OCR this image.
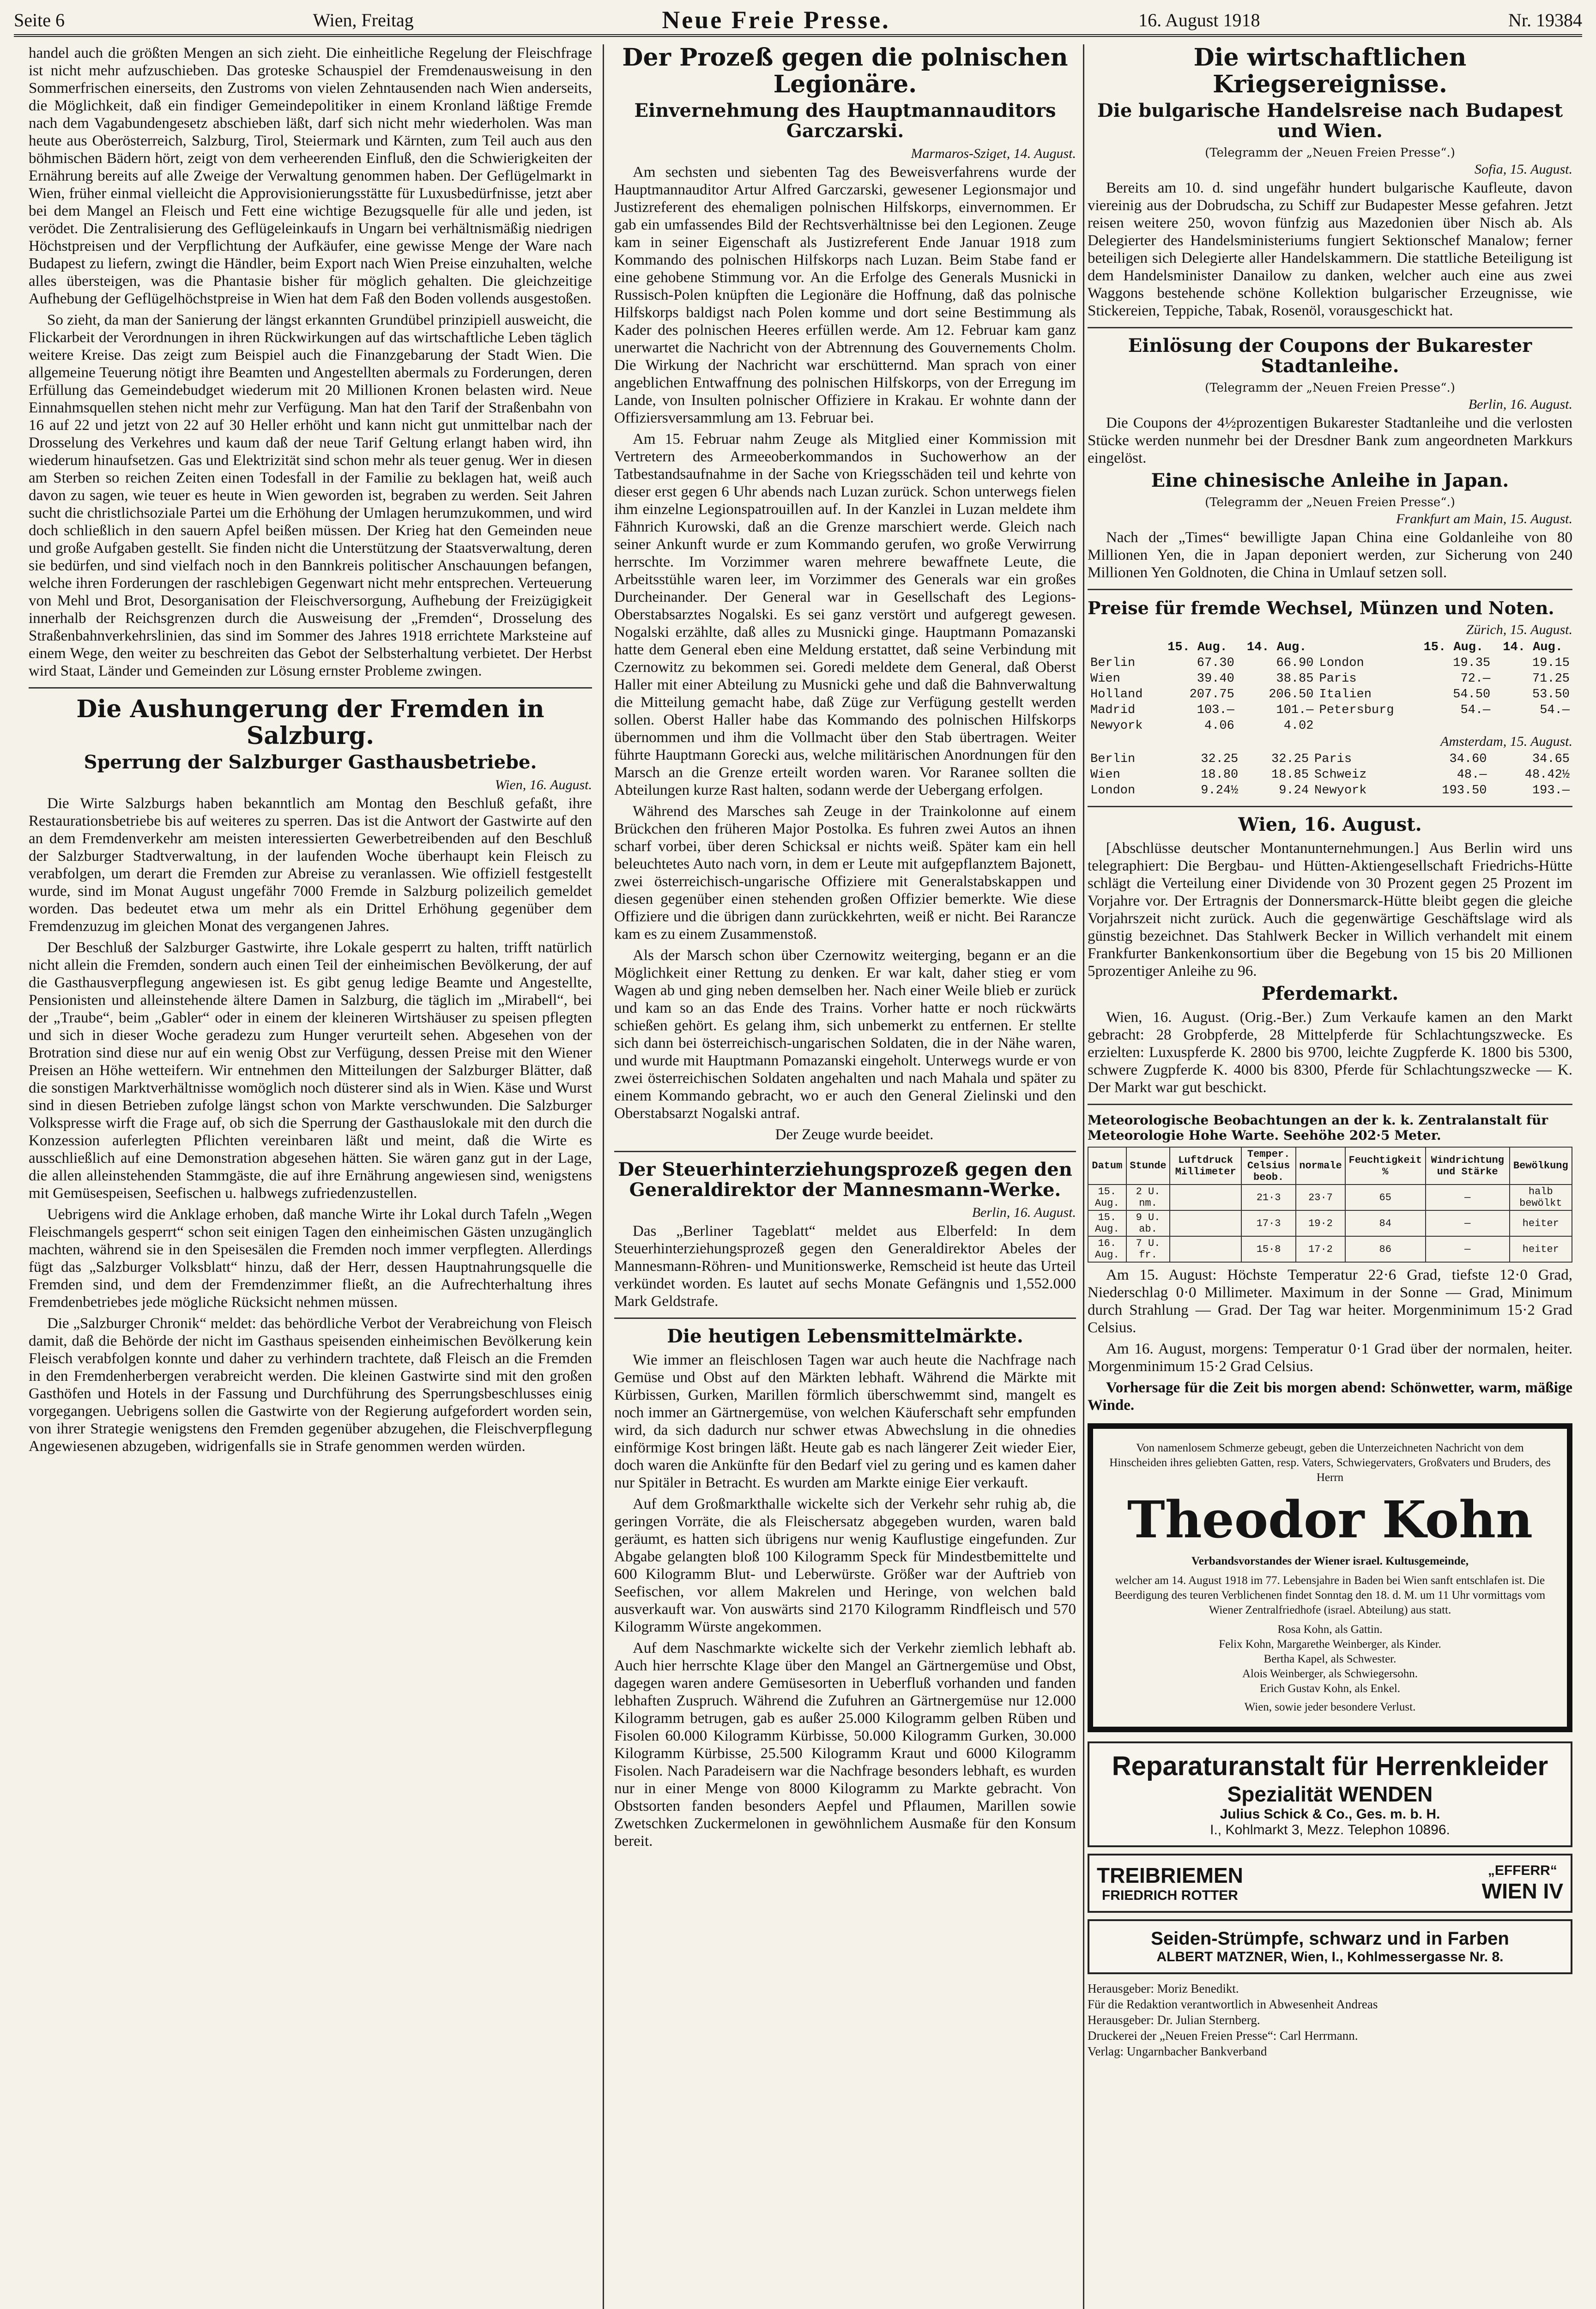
Seite 6	Wien, Freitag	Neue Freie Presse.	16. August 1918	Nr. 19384

handel auch die größten Mengen an sich zieht. Die einheitliche Regelung der Fleischfrage ist nicht mehr aufzuschieben. Das groteske Schauspiel der Fremdenausweisung in den Sommerfrischen einerseits, den Zustroms von vielen Zehntausenden nach Wien anderseits, die Möglichkeit, daß ein findiger Gemeindepolitiker in einem Kronland läßtige Fremde nach dem Vagabundengesetz abschieben läßt, darf sich nicht mehr wiederholen. Was man heute aus Oberösterreich, Salzburg, Tirol, Steiermark und Kärnten, zum Teil auch aus den böhmischen Bädern hört, zeigt von dem verheerenden Einfluß, den die Schwierigkeiten der Ernährung bereits auf alle Zweige der Verwaltung genommen haben. Der Geflügelmarkt in Wien, früher einmal vielleicht die Approvisionierungsstätte für Luxusbedürfnisse, jetzt aber bei dem Mangel an Fleisch und Fett eine wichtige Bezugsquelle für alle und jeden, ist verödet. Die Zentralisierung des Geflügeleinkaufs in Ungarn bei verhältnismäßig niedrigen Höchstpreisen und der Verpflichtung der Aufkäufer, eine gewisse Menge der Ware nach Budapest zu liefern, zwingt die Händler, beim Export nach Wien Preise einzuhalten, welche alles übersteigen, was die Phantasie bisher für möglich gehalten. Die gleichzeitige Aufhebung der Geflügelhöchstpreise in Wien hat dem Faß den Boden vollends ausgestoßen.

So zieht, da man der Sanierung der längst erkannten Grundübel prinzipiell ausweicht, die Flickarbeit der Verordnungen in ihren Rückwirkungen auf das wirtschaftliche Leben täglich weitere Kreise. Das zeigt zum Beispiel auch die Finanzgebarung der Stadt Wien. Die allgemeine Teuerung nötigt ihre Beamten und Angestellten abermals zu Forderungen, deren Erfüllung das Gemeindebudget wiederum mit 20 Millionen Kronen belasten wird. Neue Einnahmsquellen stehen nicht mehr zur Verfügung. Man hat den Tarif der Straßenbahn von 16 auf 22 und jetzt von 22 auf 30 Heller erhöht und kann nicht gut unmittelbar nach der Drosselung des Verkehres und kaum daß der neue Tarif Geltung erlangt haben wird, ihn wiederum hinaufsetzen. Gas und Elektrizität sind schon mehr als teuer genug. Wer in diesen am Sterben so reichen Zeiten einen Todesfall in der Familie zu beklagen hat, weiß auch davon zu sagen, wie teuer es heute in Wien geworden ist, begraben zu werden. Seit Jahren sucht die christlichsoziale Partei um die Erhöhung der Umlagen herumzukommen, und wird doch schließlich in den sauern Apfel beißen müssen. Der Krieg hat den Gemeinden neue und große Aufgaben gestellt. Sie finden nicht die Unterstützung der Staatsverwaltung, deren sie bedürfen, und sind vielfach noch in den Bannkreis politischer Anschauungen befangen, welche ihren Forderungen der raschlebigen Gegenwart nicht mehr entsprechen. Verteuerung von Mehl und Brot, Desorganisation der Fleischversorgung, Aufhebung der Freizügigkeit innerhalb der Reichsgrenzen durch die Ausweisung der „Fremden“, Drosselung des Straßenbahnverkehrslinien, das sind im Sommer des Jahres 1918 errichtete Marksteine auf einem Wege, den weiter zu beschreiten das Gebot der Selbsterhaltung verbietet. Der Herbst wird Staat, Länder und Gemeinden zur Lösung ernster Probleme zwingen.

Die Aushungerung der Fremden in Salzburg.
Sperrung der Salzburger Gasthausbetriebe.
Wien, 16. August.

Die Wirte Salzburgs haben bekanntlich am Montag den Beschluß gefaßt, ihre Restaurationsbetriebe bis auf weiteres zu sperren. Das ist die Antwort der Gastwirte auf den an dem Fremdenverkehr am meisten interessierten Gewerbetreibenden auf den Beschluß der Salzburger Stadtverwaltung, in der laufenden Woche überhaupt kein Fleisch zu verabfolgen, um derart die Fremden zur Abreise zu veranlassen. Wie offiziell festgestellt wurde, sind im Monat August ungefähr 7000 Fremde in Salzburg polizeilich gemeldet worden. Das bedeutet etwa um mehr als ein Drittel Erhöhung gegenüber dem Fremdenzuzug im gleichen Monat des vergangenen Jahres.

Der Beschluß der Salzburger Gastwirte, ihre Lokale gesperrt zu halten, trifft natürlich nicht allein die Fremden, sondern auch einen Teil der einheimischen Bevölkerung, der auf die Gasthausverpflegung angewiesen ist. Es gibt genug ledige Beamte und Angestellte, Pensionisten und alleinstehende ältere Damen in Salzburg, die täglich im „Mirabell“, bei der „Traube“, beim „Gabler“ oder in einem der kleineren Wirtshäuser zu speisen pflegten und sich in dieser Woche geradezu zum Hunger verurteilt sehen. Abgesehen von der Brotration sind diese nur auf ein wenig Obst zur Verfügung, dessen Preise mit den Wiener Preisen an Höhe wetteifern. Wir entnehmen den Mitteilungen der Salzburger Blätter, daß die sonstigen Marktverhältnisse womöglich noch düsterer sind als in Wien. Käse und Wurst sind in diesen Betrieben zufolge längst schon von Markte verschwunden. Die Salzburger Volkspresse wirft die Frage auf, ob sich die Sperrung der Gasthauslokale mit den durch die Konzession auferlegten Pflichten vereinbaren läßt und meint, daß die Wirte es ausschließlich auf eine Demonstration abgesehen hätten. Sie wären ganz gut in der Lage, die allen alleinstehenden Stammgäste, die auf ihre Ernährung angewiesen sind, wenigstens mit Gemüsespeisen, Seefischen u. halbwegs zufriedenzustellen.

Uebrigens wird die Anklage erhoben, daß manche Wirte ihr Lokal durch Tafeln „Wegen Fleischmangels gesperrt“ schon seit einigen Tagen den einheimischen Gästen unzugänglich machten, während sie in den Speisesälen die Fremden noch immer verpflegten. Allerdings fügt das „Salzburger Volksblatt“ hinzu, daß der Herr, dessen Hauptnahrungsquelle die Fremden sind, und dem der Fremdenzimmer fließt, an die Aufrechterhaltung ihres Fremdenbetriebes jede mögliche Rücksicht nehmen müssen.

Die „Salzburger Chronik“ meldet: das behördliche Verbot der Verabreichung von Fleisch damit, daß die Behörde der nicht im Gasthaus speisenden einheimischen Bevölkerung kein Fleisch verabfolgen konnte und daher zu verhindern trachtete, daß Fleisch an die Fremden in den Fremdenherbergen verabreicht werden. Die kleinen Gastwirte sind mit den großen Gasthöfen und Hotels in der Fassung und Durchführung des Sperrungsbeschlusses einig vorgegangen. Uebrigens sollen die Gastwirte von der Regierung aufgefordert worden sein, von ihrer Strategie wenigstens den Fremden gegenüber abzugehen, die Fleischverpflegung Angewiesenen abzugeben, widrigenfalls sie in Strafe genommen werden würden.

Der Prozeß gegen die polnischen Legionäre.
Einvernehmung des Hauptmannauditors Garczarski.
Marmaros-Sziget, 14. August.

Am sechsten und siebenten Tag des Beweisverfahrens wurde der Hauptmannauditor Artur Alfred Garczarski, gewesener Legionsmajor und Justizreferent des ehemaligen polnischen Hilfskorps, einvernommen. Er gab ein umfassendes Bild der Rechtsverhältnisse bei den Legionen. Zeuge kam in seiner Eigenschaft als Justizreferent Ende Januar 1918 zum Kommando des polnischen Hilfskorps nach Luzan. Beim Stabe fand er eine gehobene Stimmung vor. An die Erfolge des Generals Musnicki in Russisch-Polen knüpften die Legionäre die Hoffnung, daß das polnische Hilfskorps baldigst nach Polen komme und dort seine Bestimmung als Kader des polnischen Heeres erfüllen werde. Am 12. Februar kam ganz unerwartet die Nachricht von der Abtrennung des Gouvernements Cholm. Die Wirkung der Nachricht war erschütternd. Man sprach von einer angeblichen Entwaffnung des polnischen Hilfskorps, von der Erregung im Lande, von Insulten polnischer Offiziere in Krakau. Er wohnte dann der Offiziersversammlung am 13. Februar bei.

Am 15. Februar nahm Zeuge als Mitglied einer Kommission mit Vertretern des Armeeoberkommandos in Suchowerhow an der Tatbestandsaufnahme in der Sache von Kriegsschäden teil und kehrte von dieser erst gegen 6 Uhr abends nach Luzan zurück. Schon unterwegs fielen ihm einzelne Legionspatrouillen auf. In der Kanzlei in Luzan meldete ihm Fähnrich Kurowski, daß an die Grenze marschiert werde. Gleich nach seiner Ankunft wurde er zum Kommando gerufen, wo große Verwirrung herrschte. Im Vorzimmer waren mehrere bewaffnete Leute, die Arbeitsstühle waren leer, im Vorzimmer des Generals war ein großes Durcheinander. Der General war in Gesellschaft des Legions-Oberstabsarztes Nogalski. Es sei ganz verstört und aufgeregt gewesen. Nogalski erzählte, daß alles zu Musnicki ginge. Hauptmann Pomazanski hatte dem General eben eine Meldung erstattet, daß seine Verbindung mit Czernowitz zu bekommen sei. Goredi meldete dem General, daß Oberst Haller mit einer Abteilung zu Musnicki gehe und daß die Bahnverwaltung die Mitteilung gemacht habe, daß Züge zur Verfügung gestellt werden sollen. Oberst Haller habe das Kommando des polnischen Hilfskorps übernommen und ihm die Vollmacht über den Stab übertragen. Weiter führte Hauptmann Gorecki aus, welche militärischen Anordnungen für den Marsch an die Grenze erteilt worden waren. Vor Raranee sollten die Abteilungen kurze Rast halten, sodann werde der Uebergang erfolgen.

Während des Marsches sah Zeuge in der Trainkolonne auf einem Brückchen den früheren Major Postolka. Es fuhren zwei Autos an ihnen scharf vorbei, über deren Schicksal er nichts weiß. Später kam ein hell beleuchtetes Auto nach vorn, in dem er Leute mit aufgepflanztem Bajonett, zwei österreichisch-ungarische Offiziere mit Generalstabskappen und diesen gegenüber einen stehenden großen Offizier bemerkte. Wie diese Offiziere und die übrigen dann zurückkehrten, weiß er nicht. Bei Rarancze kam es zu einem Zusammenstoß.

Als der Marsch schon über Czernowitz weiterging, begann er an die Möglichkeit einer Rettung zu denken. Er war kalt, daher stieg er vom Wagen ab und ging neben demselben her. Nach einer Weile blieb er zurück und kam so an das Ende des Trains. Vorher hatte er noch rückwärts schießen gehört. Es gelang ihm, sich unbemerkt zu entfernen. Er stellte sich dann bei österreichisch-ungarischen Soldaten, die in der Nähe waren, und wurde mit Hauptmann Pomazanski eingeholt. Unterwegs wurde er von zwei österreichischen Soldaten angehalten und nach Mahala und später zu einem Kommando gebracht, wo er auch den General Zielinski und den Oberstabsarzt Nogalski antraf.

Der Zeuge wurde beeidet.

Der Steuerhinterziehungsprozeß gegen den Generaldirektor der Mannesmann-Werke.
Berlin, 16. August.

Das „Berliner Tageblatt“ meldet aus Elberfeld: In dem Steuerhinterziehungsprozeß gegen den Generaldirektor Abeles der Mannesmann-Röhren- und Munitionswerke, Remscheid ist heute das Urteil verkündet worden. Es lautet auf sechs Monate Gefängnis und 1,552.000 Mark Geldstrafe.

Die heutigen Lebensmittelmärkte.

Wie immer an fleischlosen Tagen war auch heute die Nachfrage nach Gemüse und Obst auf den Märkten lebhaft. Während die Märkte mit Kürbissen, Gurken, Marillen förmlich überschwemmt sind, mangelt es noch immer an Gärtnergemüse, von welchen Käuferschaft sehr empfunden wird, da sich dadurch nur schwer etwas Abwechslung in die ohnedies einförmige Kost bringen läßt. Heute gab es nach längerer Zeit wieder Eier, doch waren die Ankünfte für den Bedarf viel zu gering und es kamen daher nur Spitäler in Betracht. Es wurden am Markte einige Eier verkauft.

Auf dem Großmarkthalle wickelte sich der Verkehr sehr ruhig ab, die geringen Vorräte, die als Fleischersatz abgegeben wurden, waren bald geräumt, es hatten sich übrigens nur wenig Kauflustige eingefunden. Zur Abgabe gelangten bloß 100 Kilogramm Speck für Mindestbemittelte und 600 Kilogramm Blut- und Leberwürste. Größer war der Auftrieb von Seefischen, vor allem Makrelen und Heringe, von welchen bald ausverkauft war. Von auswärts sind 2170 Kilogramm Rindfleisch und 570 Kilogramm Würste angekommen.

Auf dem Naschmarkte wickelte sich der Verkehr ziemlich lebhaft ab. Auch hier herrschte Klage über den Mangel an Gärtnergemüse und Obst, dagegen waren andere Gemüsesorten in Ueberfluß vorhanden und fanden lebhaften Zuspruch. Während die Zufuhren an Gärtnergemüse nur 12.000 Kilogramm betrugen, gab es außer 25.000 Kilogramm gelben Rüben und Fisolen 60.000 Kilogramm Kürbisse, 50.000 Kilogramm Gurken, 30.000 Kilogramm Kürbisse, 25.500 Kilogramm Kraut und 6000 Kilogramm Fisolen. Nach Paradeisern war die Nachfrage besonders lebhaft, es wurden nur in einer Menge von 8000 Kilogramm zu Markte gebracht. Von Obstsorten fanden besonders Aepfel und Pflaumen, Marillen sowie Zwetschken Zuckermelonen in gewöhnlichem Ausmaße für den Konsum bereit.

Die wirtschaftlichen Kriegsereignisse.
Die bulgarische Handelsreise nach Budapest und Wien.
(Telegramm der „Neuen Freien Presse“.)
Sofia, 15. August.

Bereits am 10. d. sind ungefähr hundert bulgarische Kaufleute, davon viereinig aus der Dobrudscha, zu Schiff zur Budapester Messe gefahren. Jetzt reisen weitere 250, wovon fünfzig aus Mazedonien über Nisch ab. Als Delegierter des Handelsministeriums fungiert Sektionschef Manalow; ferner beteiligen sich Delegierte aller Handelskammern. Die stattliche Beteiligung ist dem Handelsminister Danailow zu danken, welcher auch eine aus zwei Waggons bestehende schöne Kollektion bulgarischer Erzeugnisse, wie Stickereien, Teppiche, Tabak, Rosenöl, vorausgeschickt hat.

Einlösung der Coupons der Bukarester Stadtanleihe.
(Telegramm der „Neuen Freien Presse“.)
Berlin, 16. August.

Die Coupons der 4½prozentigen Bukarester Stadtanleihe und die verlosten Stücke werden nunmehr bei der Dresdner Bank zum angeordneten Markkurs eingelöst.

Eine chinesische Anleihe in Japan.
(Telegramm der „Neuen Freien Presse“.)
Frankfurt am Main, 15. August.

Nach der „Times“ bewilligte Japan China eine Goldanleihe von 80 Millionen Yen, die in Japan deponiert werden, zur Sicherung von 240 Millionen Yen Goldnoten, die China in Umlauf setzen soll.

Preise für fremde Wechsel, Münzen und Noten.
Zürich, 15. August.
	15. Aug.	14. Aug.		15. Aug.	14. Aug.
Berlin	67.30	66.90	London	19.35	19.15
Wien	39.40	38.85	Paris	72.—	71.25
Holland	207.75	206.50	Italien	54.50	53.50
Madrid	103.—	101.—	Petersburg	54.—	54.—
Newyork	4.06	4.02			
Amsterdam, 15. August.
Berlin	32.25	32.25	Paris	34.60	34.65
Wien	18.80	18.85	Schweiz	48.—	48.42½
London	9.24½	9.24	Newyork	193.50	193.—
Wien, 16. August.

[Abschlüsse deutscher Montanunternehmungen.] Aus Berlin wird uns telegraphiert: Die Bergbau- und Hütten-Aktiengesellschaft Friedrichs-Hütte schlägt die Verteilung einer Dividende von 30 Prozent gegen 25 Prozent im Vorjahre vor. Der Ertragnis der Donnersmarck-Hütte bleibt gegen die gleiche Vorjahrszeit nicht zurück. Auch die gegenwärtige Geschäftslage wird als günstig bezeichnet. Das Stahlwerk Becker in Willich verhandelt mit einem Frankfurter Bankenkonsortium über die Begebung von 15 bis 20 Millionen 5prozentiger Anleihe zu 96.

Pferdemarkt.

Wien, 16. August. (Orig.-Ber.) Zum Verkaufe kamen an den Markt gebracht: 28 Grobpferde, 28 Mittelpferde für Schlachtungszwecke. Es erzielten: Luxuspferde K. 2800 bis 9700, leichte Zugpferde K. 1800 bis 5300, schwere Zugpferde K. 4000 bis 8300, Pferde für Schlachtungszwecke — K. Der Markt war gut beschickt.

Meteorologische Beobachtungen an der k. k. Zentralanstalt für Meteorologie Hohe Warte. Seehöhe 202·5 Meter.
Datum	Stunde	Luftdruck Millimeter	Temper. Celsius beob.	normale	Feuchtigkeit %	Windrichtung und Stärke	Bewölkung
15. Aug.	2 U. nm.		21·3	23·7	65	—	halb bewölkt
15. Aug.	9 U. ab.		17·3	19·2	84	—	heiter
16. Aug.	7 U. fr.		15·8	17·2	86	—	heiter

Am 15. August: Höchste Temperatur 22·6 Grad, tiefste 12·0 Grad, Niederschlag 0·0 Millimeter. Maximum in der Sonne — Grad, Minimum durch Strahlung — Grad. Der Tag war heiter. Morgenminimum 15·2 Grad Celsius.

Am 16. August, morgens: Temperatur 0·1 Grad über der normalen, heiter. Morgenminimum 15·2 Grad Celsius.

Vorhersage für die Zeit bis morgen abend: Schönwetter, warm, mäßige Winde.

Von namenlosem Schmerze gebeugt, geben die Unterzeichneten Nachricht von dem Hinscheiden ihres geliebten Gatten, resp. Vaters, Schwiegervaters, Großvaters und Bruders, des Herrn
Theodor Kohn
Verbandsvorstandes der Wiener israel. Kultusgemeinde,
welcher am 14. August 1918 im 77. Lebensjahre in Baden bei Wien sanft entschlafen ist. Die Beerdigung des teuren Verblichenen findet Sonntag den 18. d. M. um 11 Uhr vormittags vom Wiener Zentralfriedhofe (israel. Abteilung) aus statt.
Rosa Kohn, als Gattin.
Felix Kohn, Margarethe Weinberger, als Kinder.
Bertha Kapel, als Schwester.
Alois Weinberger, als Schwiegersohn.
Erich Gustav Kohn, als Enkel.
Wien, sowie jeder besondere Verlust.
Reparaturanstalt für Herrenkleider
Spezialität WENDEN
Julius Schick & Co., Ges. m. b. H.
I., Kohlmarkt 3, Mezz. Telephon 10896.
TREIBRIEMEN
FRIEDRICH ROTTER
„EFFERR“
WIEN IV
Seiden-Strümpfe, schwarz und in Farben
ALBERT MATZNER, Wien, I., Kohlmessergasse Nr. 8.
Herausgeber: Moriz Benedikt.
Für die Redaktion verantwortlich in Abwesenheit Andreas
Herausgeber: Dr. Julian Sternberg.
Druckerei der „Neuen Freien Presse“: Carl Herrmann.
Verlag: Ungarnbacher Bankverband
